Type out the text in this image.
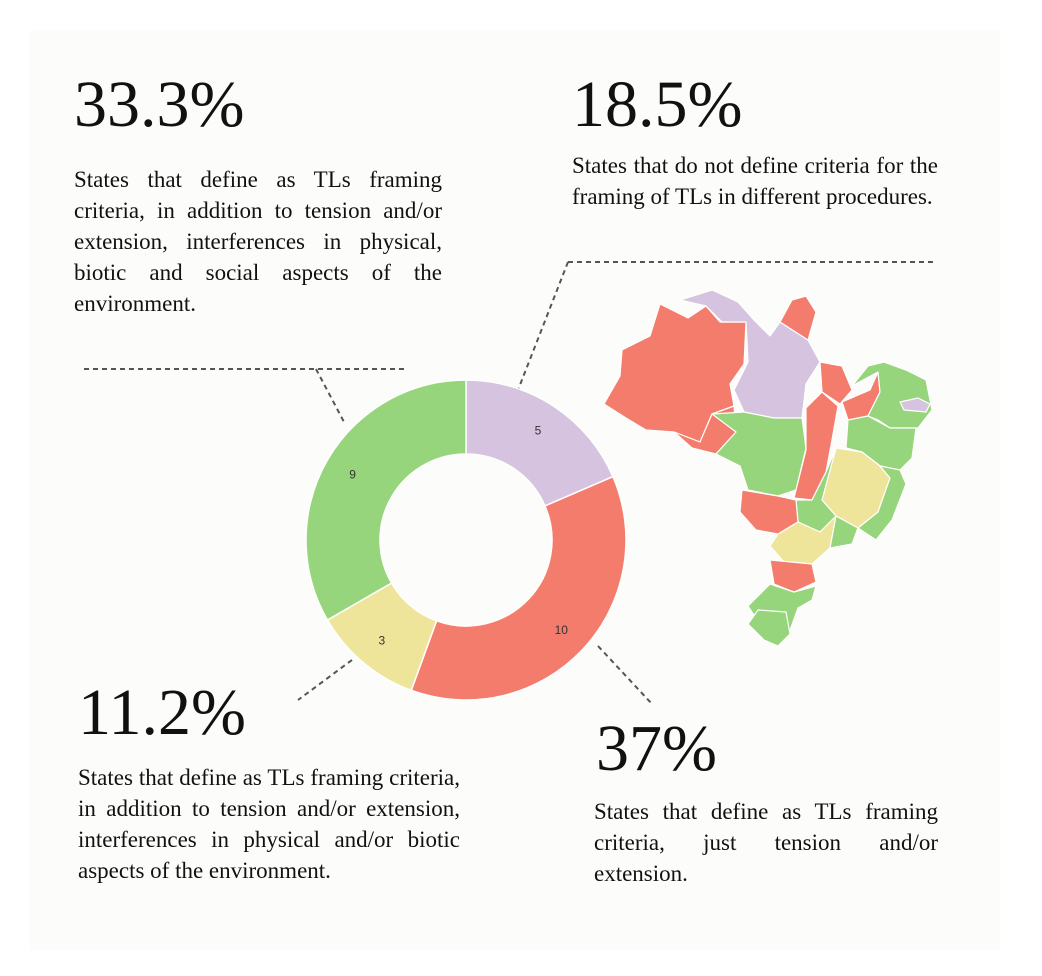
33.3%
States that define as TLs framing criteria, in addition to tension and/or extension, interferences in physical, biotic and social aspects of the environment.
18.5%
States that do not define criteria for the framing of TLs in different procedures.
11.2%
States that define as TLs framing criteria, in addition to tension and/or extension, interferences in physical and/or biotic aspects of the environment.
37%
States that define as TLs framing criteria, just tension and/or extension.
5
10
3
9
